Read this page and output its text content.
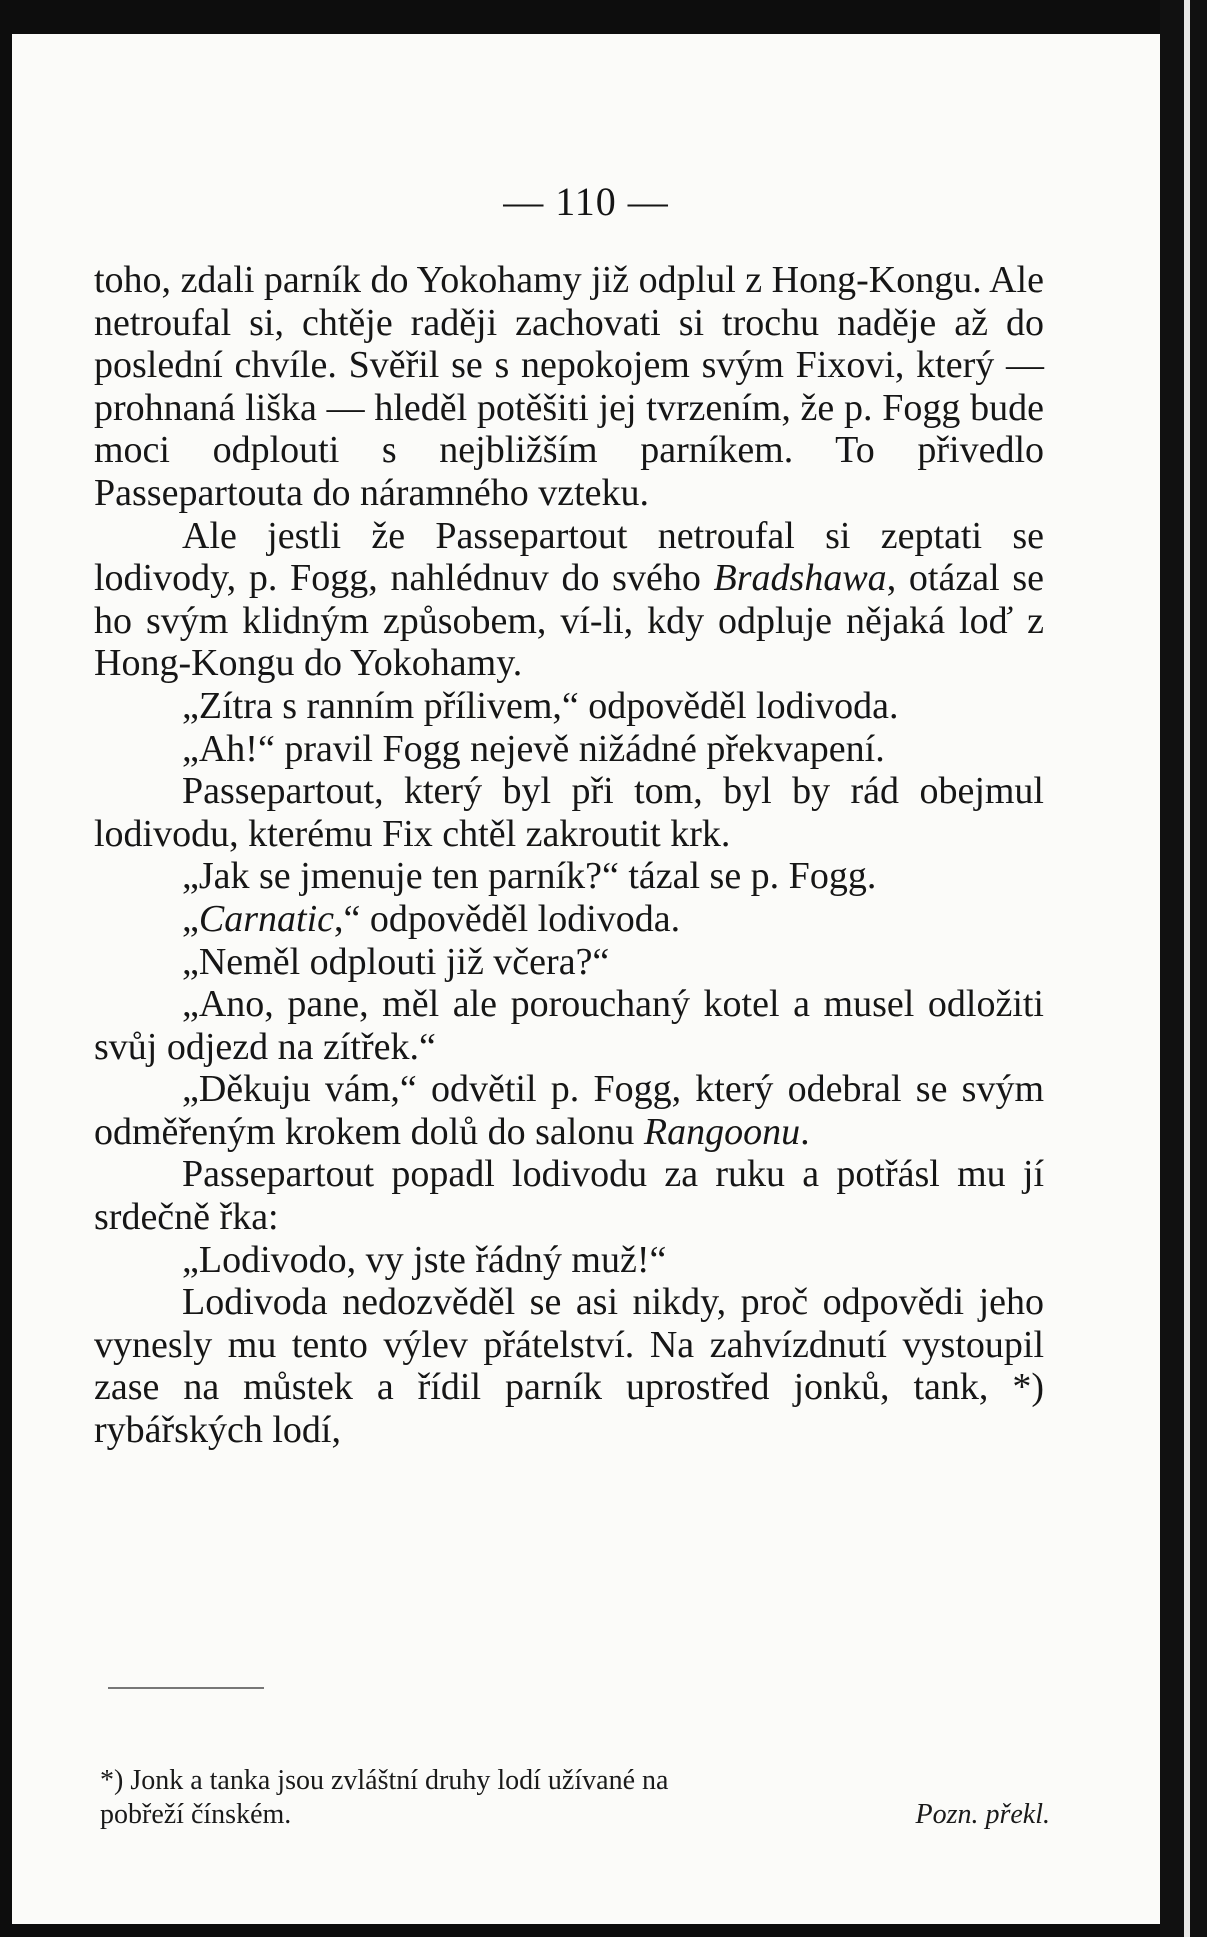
— 110 —

toho, zdali parník do Yokohamy již odplul z Hong-Kongu. Ale netroufal si, chtěje raději zachovati si trochu naděje až do poslední chvíle. Svěřil se s nepokojem svým Fixovi, který — prohnaná liška — hleděl potěšiti jej tvrzením, že p. Fogg bude moci odplouti s nejbližším parníkem. To přivedlo Passepartouta do náramného vzteku.

Ale jestli že Passepartout netroufal si zeptati se lodivody, p. Fogg, nahlédnuv do svého Bradshawa, otázal se ho svým klidným způsobem, ví-li, kdy odpluje nějaká loď z Hong-Kongu do Yokohamy.

„Zítra s ranním přílivem,“ odpověděl lodivoda.

„Ah!“ pravil Fogg nejevě nižádné překvapení.

Passepartout, který byl při tom, byl by rád obejmul lodivodu, kterému Fix chtěl zakroutit krk.

„Jak se jmenuje ten parník?“ tázal se p. Fogg.

„Carnatic,“ odpověděl lodivoda.

„Neměl odplouti již včera?“

„Ano, pane, měl ale porouchaný kotel a musel odložiti svůj odjezd na zítřek.“

„Děkuju vám,“ odvětil p. Fogg, který odebral se svým odměřeným krokem dolů do salonu Rangoonu.

Passepartout popadl lodivodu za ruku a potřásl mu jí srdečně řka:

„Lodivodo, vy jste řádný muž!“

Lodivoda nedozvěděl se asi nikdy, proč odpovědi jeho vynesly mu tento výlev přátelství. Na zahvízdnutí vystoupil zase na můstek a řídil parník uprostřed jonků, tank, *) rybářských lodí,

*) Jonk a tanka jsou zvláštní druhy lodí užívané na
pobřeží čínském.	Pozn. překl.
